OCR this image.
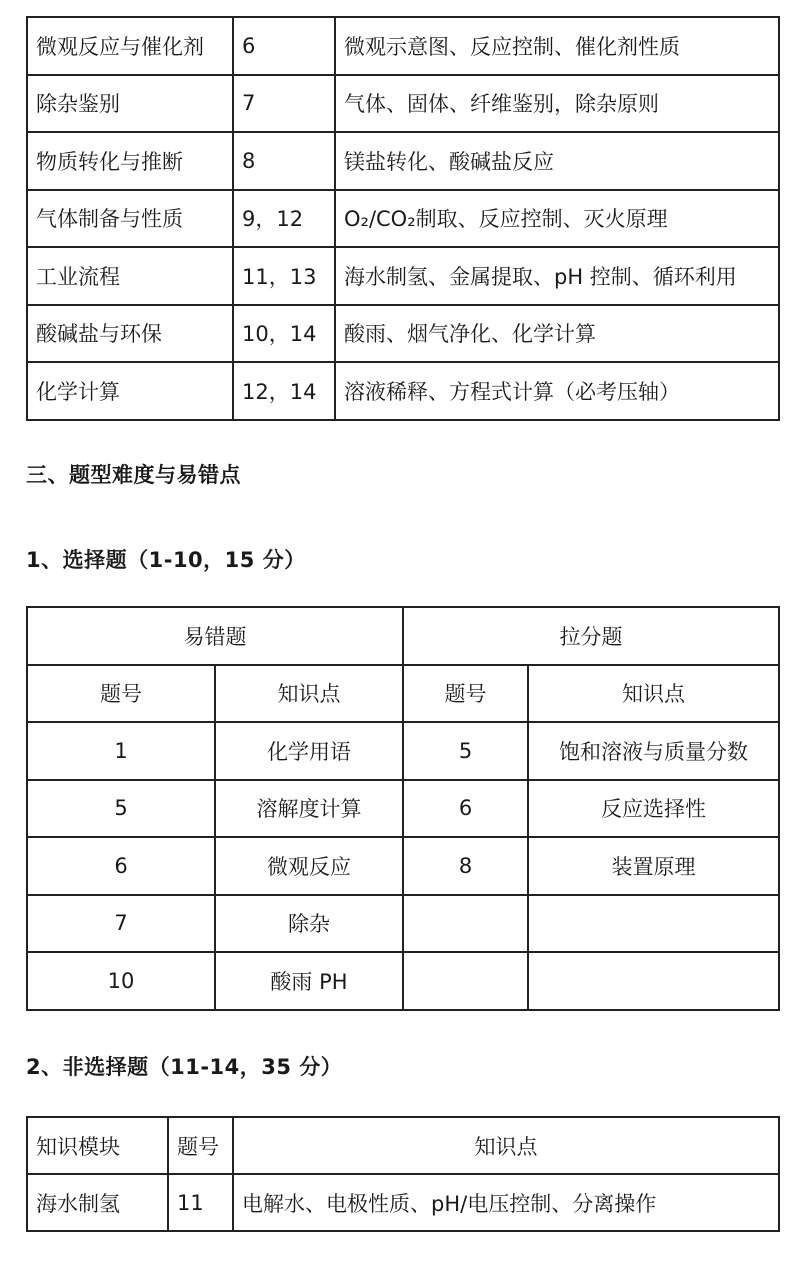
微观反应与催化剂	6	微观示意图、反应控制、催化剂性质
除杂鉴别	7	气体、固体、纤维鉴别，除杂原则
物质转化与推断	8	镁盐转化、酸碱盐反应
气体制备与性质	9，12	O₂/CO₂制取、反应控制、灭火原理
工业流程	11，13	海水制氢、金属提取、pH 控制、循环利用
酸碱盐与环保	10，14	酸雨、烟气净化、化学计算
化学计算	12，14	溶液稀释、方程式计算（必考压轴）
三、题型难度与易错点
1、选择题（1-10，15 分）
易错题		拉分题	
题号	知识点	题号	知识点
1	化学用语	5	饱和溶液与质量分数
5	溶解度计算	6	反应选择性
6	微观反应	8	装置原理
7	除杂		
10	酸雨 PH		
2、非选择题（11-14，35 分）
知识模块	题号	知识点
海水制氢	11	电解水、电极性质、pH/电压控制、分离操作
